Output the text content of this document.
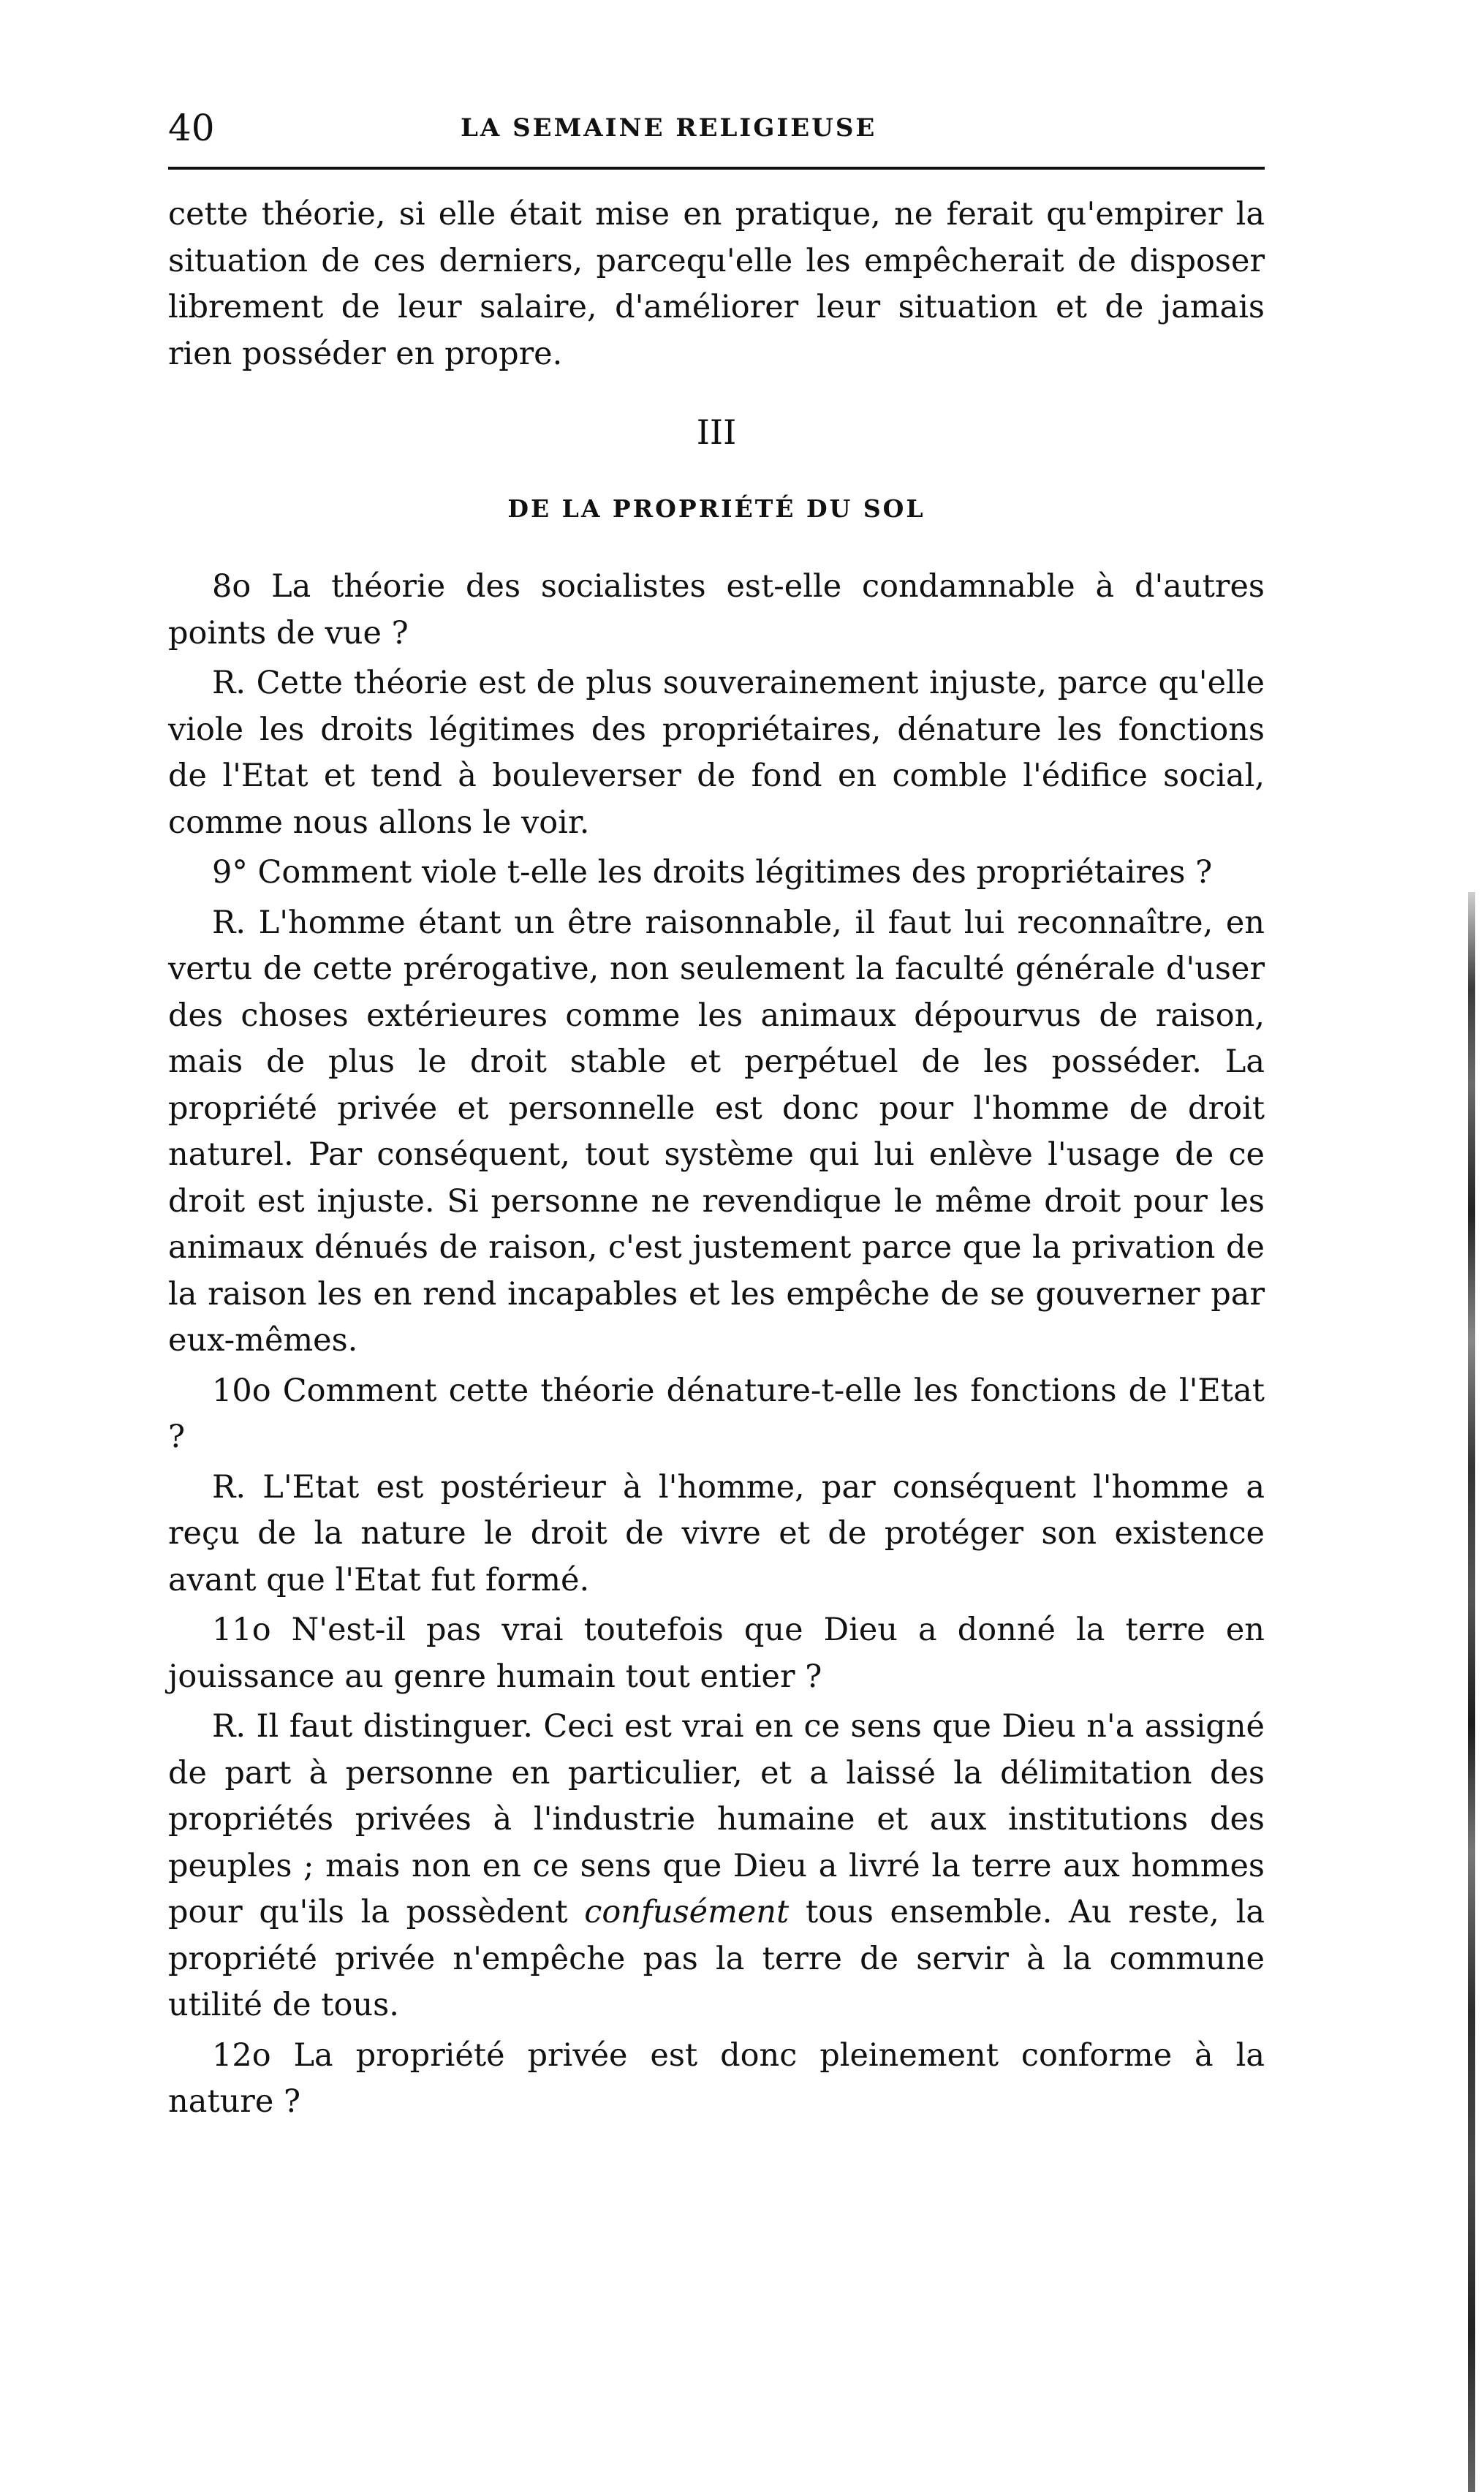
40	LA SEMAINE RELIGIEUSE

cette théorie, si elle était mise en pratique, ne ferait qu'empirer la situation de ces derniers, parcequ'elle les empêcherait de disposer librement de leur salaire, d'améliorer leur situation et de jamais rien posséder en propre.

III
DE LA PROPRIÉTÉ DU SOL

8o La théorie des socialistes est-elle condamnable à d'autres points de vue ?

R. Cette théorie est de plus souverainement injuste, parce qu'elle viole les droits légitimes des propriétaires, dénature les fonctions de l'Etat et tend à bouleverser de fond en comble l'édifice social, comme nous allons le voir.

9° Comment viole t-elle les droits légitimes des propriétaires ?

R. L'homme étant un être raisonnable, il faut lui reconnaître, en vertu de cette prérogative, non seulement la faculté générale d'user des choses extérieures comme les animaux dépourvus de raison, mais de plus le droit stable et perpétuel de les posséder. La propriété privée et personnelle est donc pour l'homme de droit naturel. Par conséquent, tout système qui lui enlève l'usage de ce droit est injuste. Si personne ne revendique le même droit pour les animaux dénués de raison, c'est justement parce que la privation de la raison les en rend incapables et les empêche de se gouverner par eux-mêmes.

10o Comment cette théorie dénature-t-elle les fonctions de l'Etat ?

R. L'Etat est postérieur à l'homme, par conséquent l'homme a reçu de la nature le droit de vivre et de protéger son existence avant que l'Etat fut formé.

11o N'est-il pas vrai toutefois que Dieu a donné la terre en jouissance au genre humain tout entier ?

R. Il faut distinguer. Ceci est vrai en ce sens que Dieu n'a assigné de part à personne en particulier, et a laissé la délimitation des propriétés privées à l'industrie humaine et aux institutions des peuples ; mais non en ce sens que Dieu a livré la terre aux hommes pour qu'ils la possèdent confusément tous ensemble. Au reste, la propriété privée n'empêche pas la terre de servir à la commune utilité de tous.

12o La propriété privée est donc pleinement conforme à la nature ?
